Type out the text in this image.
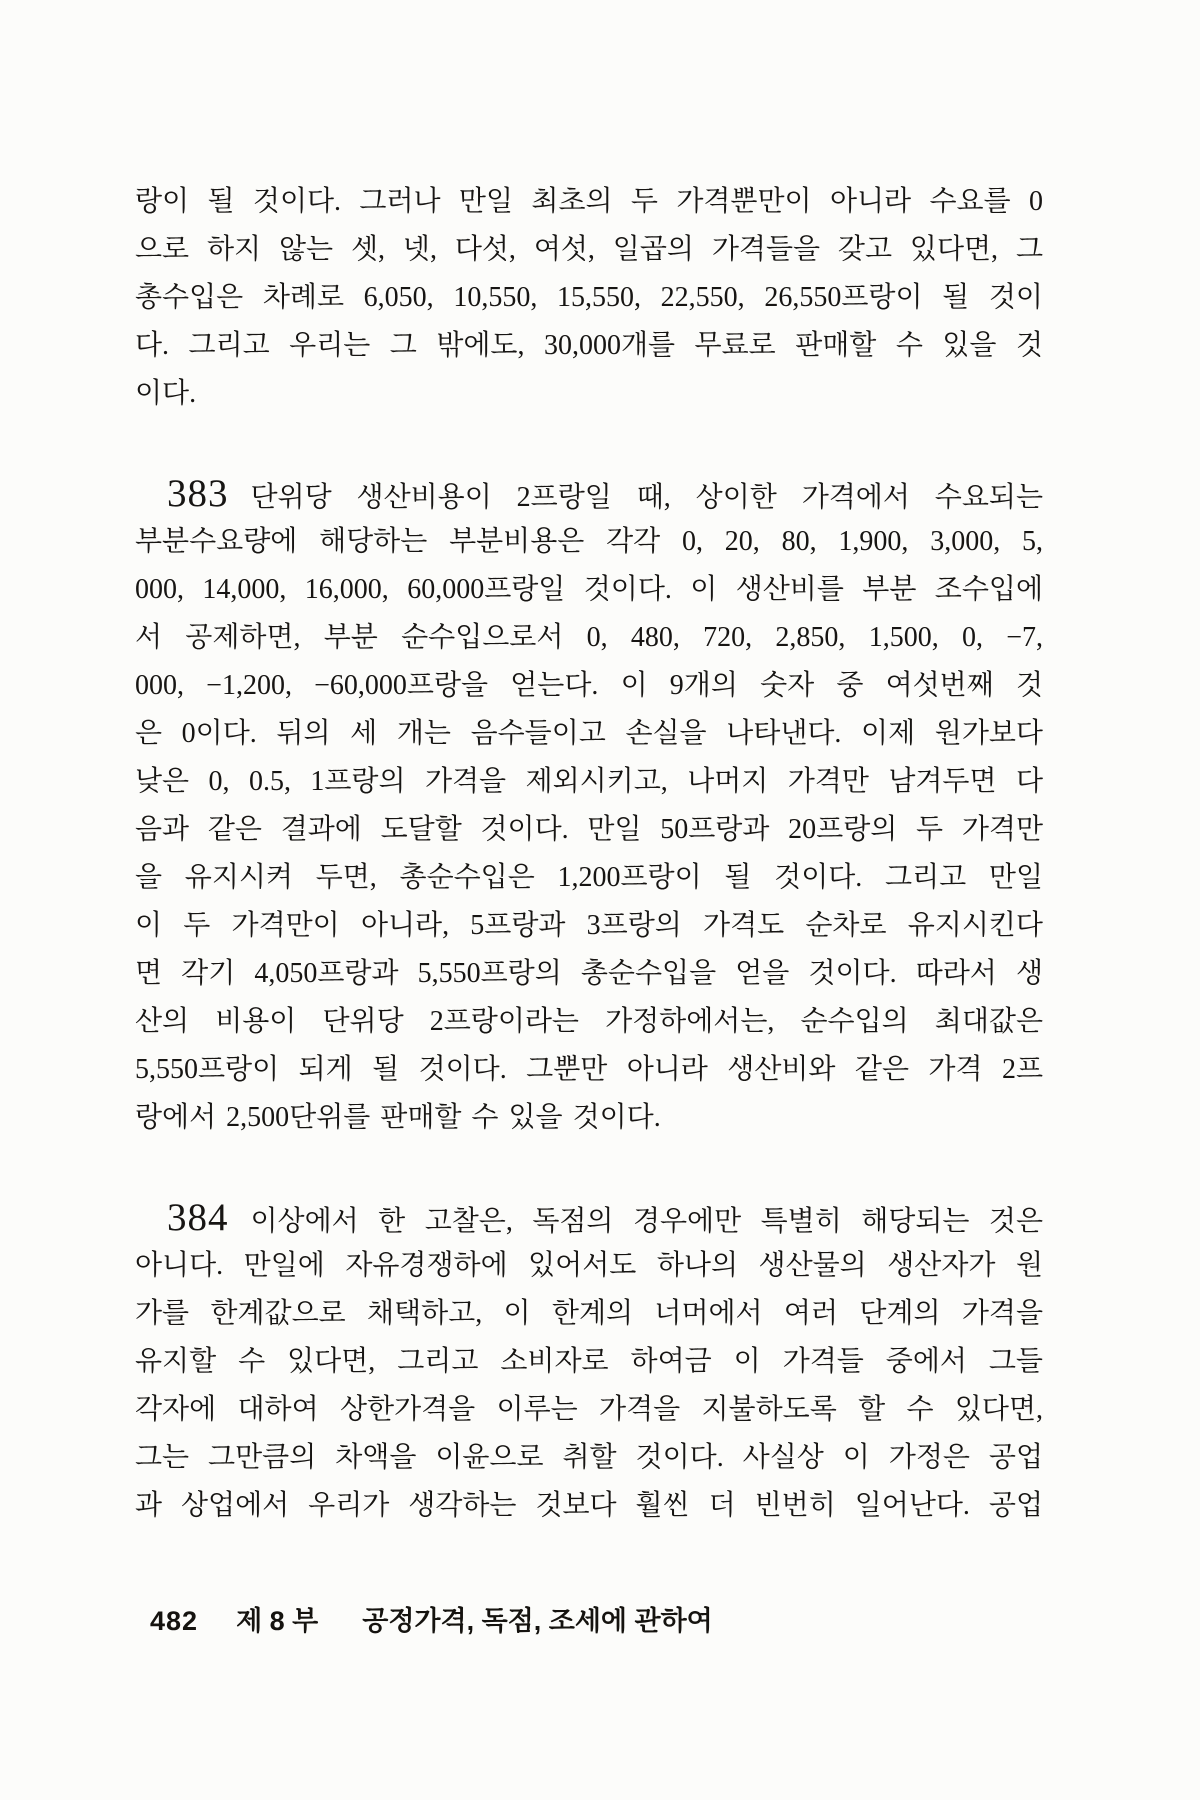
랑이 될 것이다. 그러나 만일 최초의 두 가격뿐만이 아니라 수요를 0
으로 하지 않는 셋, 넷, 다섯, 여섯, 일곱의 가격들을 갖고 있다면, 그
총수입은 차례로 6,050, 10,550, 15,550, 22,550, 26,550프랑이 될 것이
다. 그리고 우리는 그 밖에도, 30,000개를 무료로 판매할 수 있을 것
이다.
383 단위당 생산비용이 2프랑일 때, 상이한 가격에서 수요되는
부분수요량에 해당하는 부분비용은 각각 0, 20, 80, 1,900, 3,000, 5,
000, 14,000, 16,000, 60,000프랑일 것이다. 이 생산비를 부분 조수입에
서 공제하면, 부분 순수입으로서 0, 480, 720, 2,850, 1,500, 0, −7,
000, −1,200, −60,000프랑을 얻는다. 이 9개의 숫자 중 여섯번째 것
은 0이다. 뒤의 세 개는 음수들이고 손실을 나타낸다. 이제 원가보다
낮은 0, 0.5, 1프랑의 가격을 제외시키고, 나머지 가격만 남겨두면 다
음과 같은 결과에 도달할 것이다. 만일 50프랑과 20프랑의 두 가격만
을 유지시켜 두면, 총순수입은 1,200프랑이 될 것이다. 그리고 만일
이 두 가격만이 아니라, 5프랑과 3프랑의 가격도 순차로 유지시킨다
면 각기 4,050프랑과 5,550프랑의 총순수입을 얻을 것이다. 따라서 생
산의 비용이 단위당 2프랑이라는 가정하에서는, 순수입의 최대값은
5,550프랑이 되게 될 것이다. 그뿐만 아니라 생산비와 같은 가격 2프
랑에서 2,500단위를 판매할 수 있을 것이다.
384 이상에서 한 고찰은, 독점의 경우에만 특별히 해당되는 것은
아니다. 만일에 자유경쟁하에 있어서도 하나의 생산물의 생산자가 원
가를 한계값으로 채택하고, 이 한계의 너머에서 여러 단계의 가격을
유지할 수 있다면, 그리고 소비자로 하여금 이 가격들 중에서 그들
각자에 대하여 상한가격을 이루는 가격을 지불하도록 할 수 있다면,
그는 그만큼의 차액을 이윤으로 취할 것이다. 사실상 이 가정은 공업
과 상업에서 우리가 생각하는 것보다 훨씬 더 빈번히 일어난다. 공업
482 제 8 부 공정가격, 독점, 조세에 관하여
